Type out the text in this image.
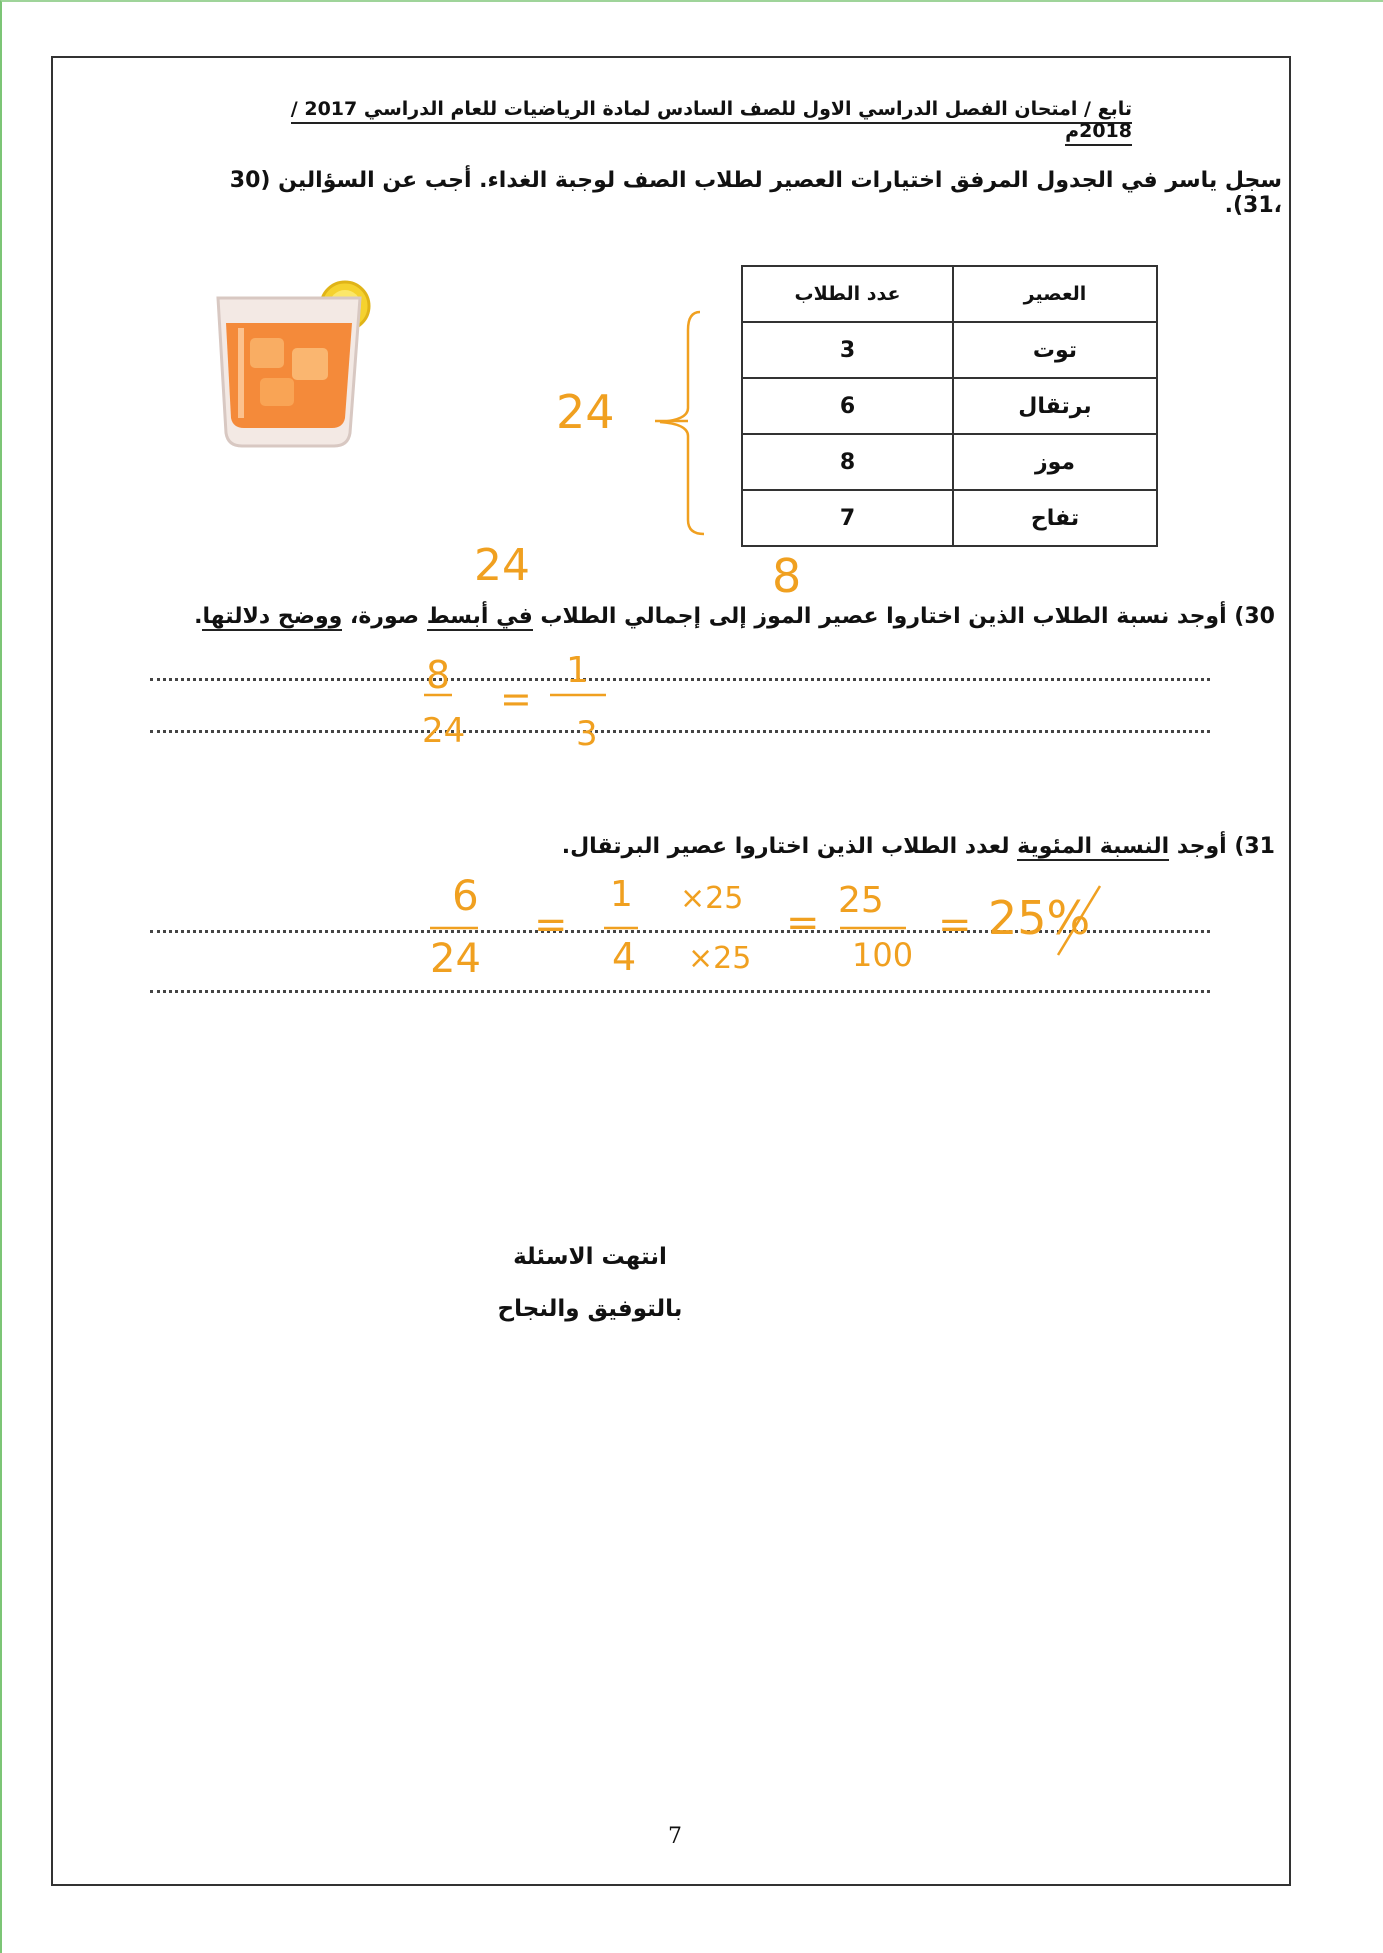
تابع / امتحان الفصل الدراسي الاول للصف السادس لمادة الرياضيات للعام الدراسي 2017 / 2018م
سجل ياسر في الجدول المرفق اختيارات العصير لطلاب الصف لوجبة الغداء. أجب عن السؤالين (30 ،31).
العصير	عدد الطلاب
توت	3
برتقال	6
موز	8
تفاح	7
30) أوجد نسبة الطلاب الذين اختاروا عصير الموز إلى إجمالي الطلاب في أبسط صورة، ووضح دلالتها.
31) أوجد النسبة المئوية لعدد الطلاب الذين اختاروا عصير البرتقال.
24
24	8
8
24
=
1
3
6
24
=
1
4
×25
×25
= 25
100
= 25%
انتهت الاسئلة
بالتوفيق والنجاح
7
